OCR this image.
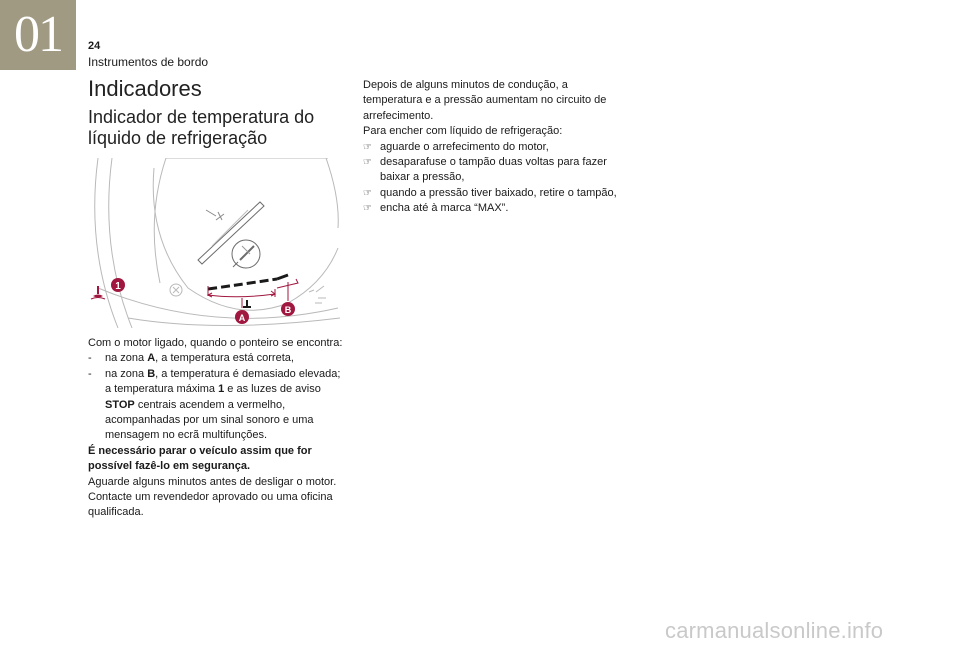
01	24
Instrumentos de bordo
Indicadores
Indicador de temperatura do
líquido de refrigeração
1
A
B

Com o motor ligado, quando o ponteiro se encontra:

- na zona A, a temperatura está correta,
- na zona B, a temperatura é demasiado elevada; a temperatura máxima 1 e as luzes de aviso STOP centrais acendem a vermelho, acompanhadas por um sinal sonoro e uma mensagem no ecrã multifunções.

É necessário parar o veículo assim que for possível fazê-lo em segurança.

Aguarde alguns minutos antes de desligar o motor.

Contacte um revendedor aprovado ou uma oficina qualificada.

Depois de alguns minutos de condução, a temperatura e a pressão aumentam no circuito de arrefecimento.

Para encher com líquido de refrigeração:

☞ aguarde o arrefecimento do motor,
☞ desaparafuse o tampão duas voltas para fazer baixar a pressão,
☞ quando a pressão tiver baixado, retire o tampão,
☞ encha até à marca “MAX”.
carmanualsonline.info
